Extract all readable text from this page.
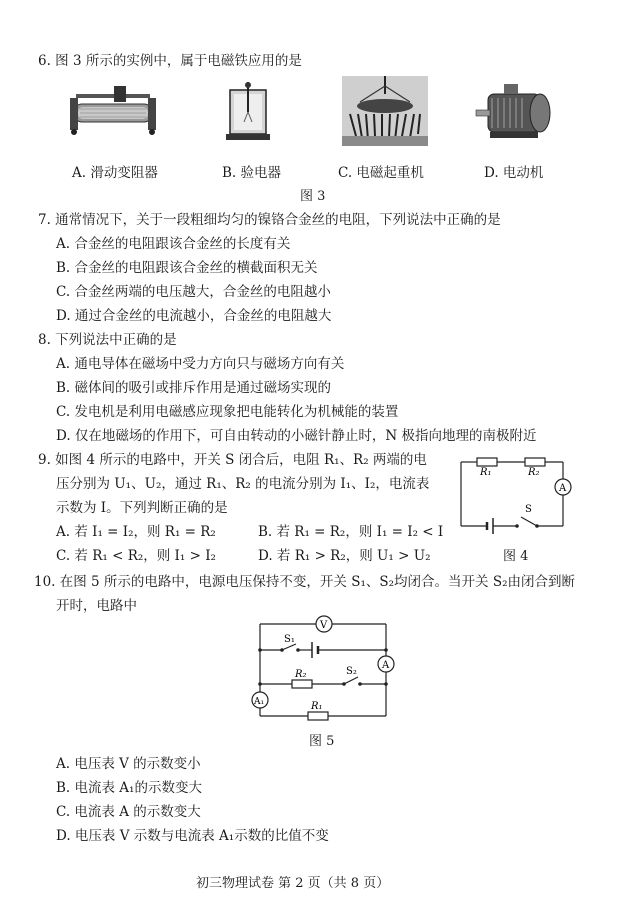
6. 图 3 所示的实例中，属于电磁铁应用的是
A. 滑动变阻器	B. 验电器	C. 电磁起重机	D. 电动机
图 3
7. 通常情况下，关于一段粗细均匀的镍铬合金丝的电阻，下列说法中正确的是
A. 合金丝的电阻跟该合金丝的长度有关
B. 合金丝的电阻跟该合金丝的横截面积无关
C. 合金丝两端的电压越大，合金丝的电阻越小
D. 通过合金丝的电流越小，合金丝的电阻越大
8. 下列说法中正确的是
A. 通电导体在磁场中受力方向只与磁场方向有关
B. 磁体间的吸引或排斥作用是通过磁场实现的
C. 发电机是利用电磁感应现象把电能转化为机械能的装置
D. 仅在地磁场的作用下，可自由转动的小磁针静止时，N 极指向地理的南极附近
9. 如图 4 所示的电路中，开关 S 闭合后，电阻 R₁、R₂ 两端的电
压分别为 U₁、U₂，通过 R₁、R₂ 的电流分别为 I₁、I₂，电流表
示数为 I。下列判断正确的是
A. 若 I₁ = I₂，则 R₁ = R₂	B. 若 R₁ = R₂，则 I₁ = I₂ < I
C. 若 R₁ < R₂，则 I₁ > I₂	D. 若 R₁ > R₂，则 U₁ > U₂
R₁	R₂
A
S
图 4
10. 在图 5 所示的电路中，电源电压保持不变，开关 S₁、S₂均闭合。当开关 S₂由闭合到断
开时，电路中
V
A
A₁
S₁
S₂
R₂
R₁
图 5
A. 电压表 V 的示数变小
B. 电流表 A₁的示数变大
C. 电流表 A 的示数变大
D. 电压表 V 示数与电流表 A₁示数的比值不变
初三物理试卷 第 2 页（共 8 页）
